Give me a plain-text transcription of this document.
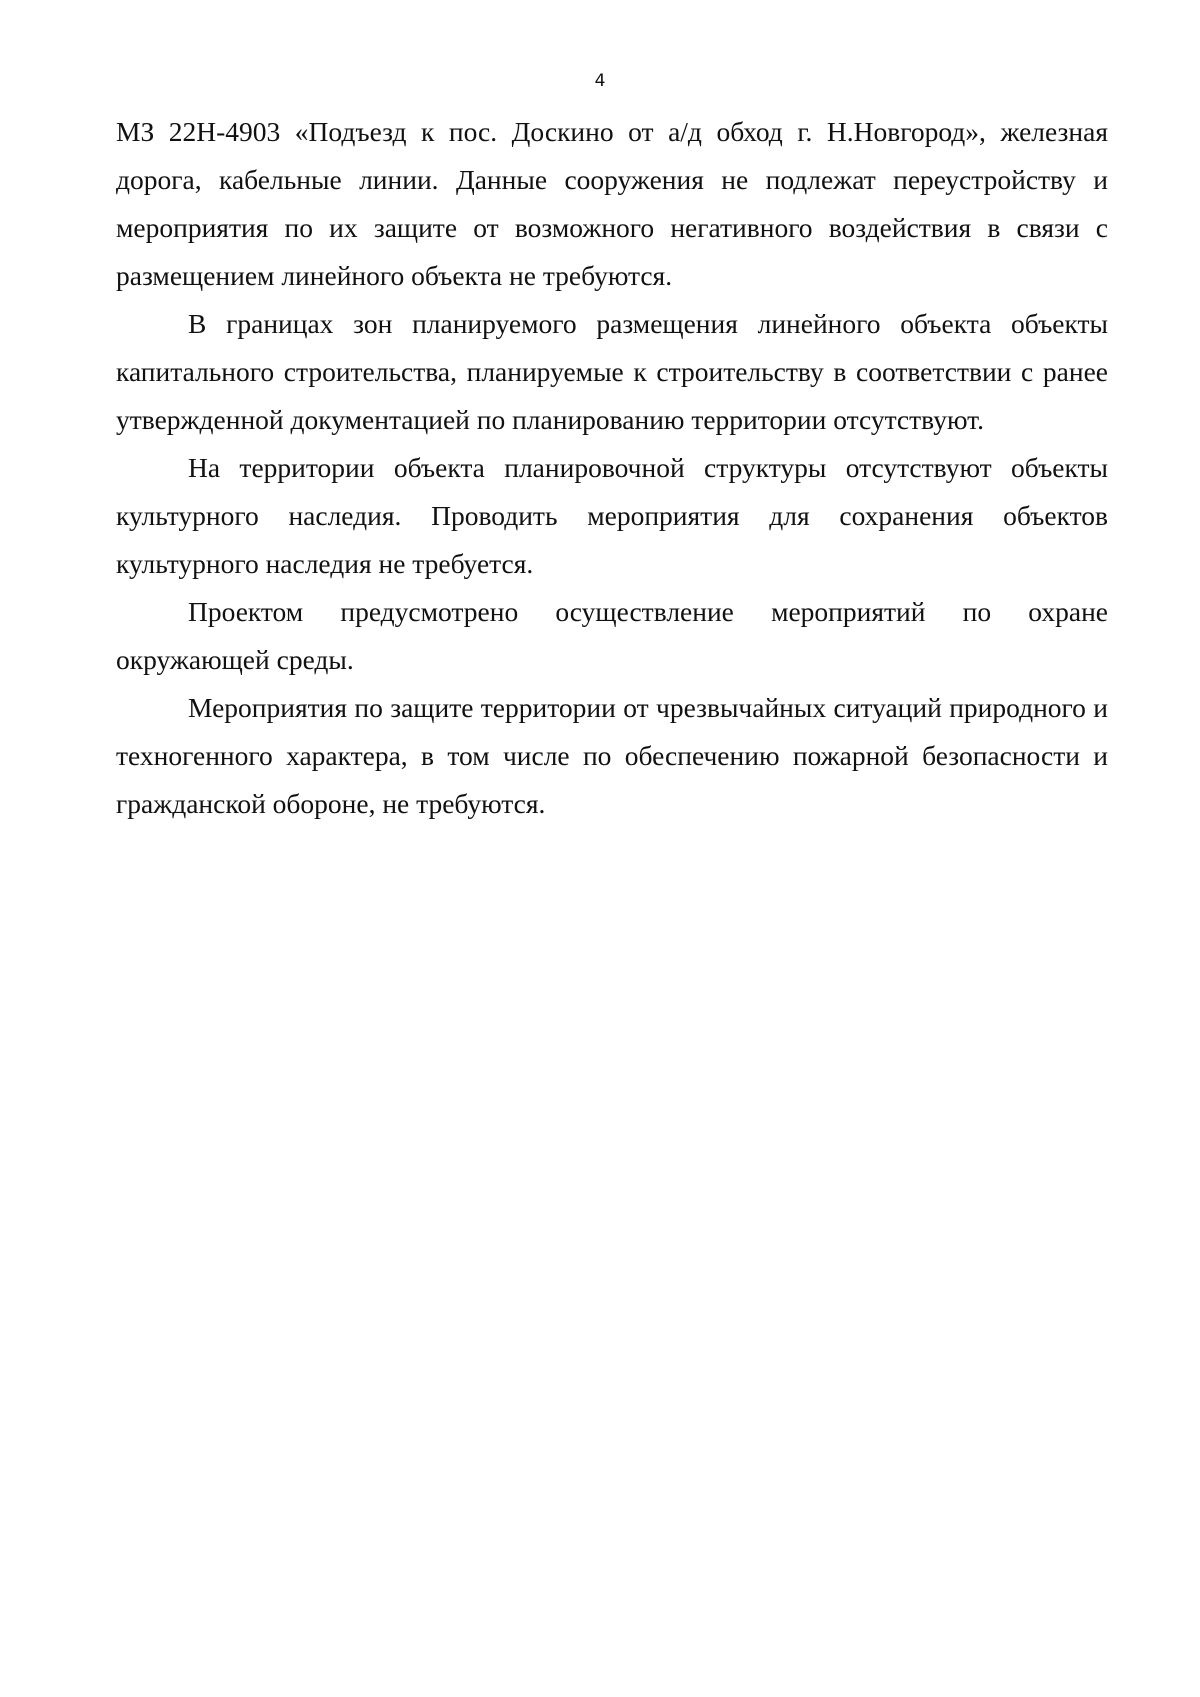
4

МЗ 22Н-4903 «Подъезд к пос. Доскино от а/д обход г. Н.Новгород», железная дорога, кабельные линии. Данные сооружения не подлежат переустройству и мероприятия по их защите от возможного негативного воздействия в связи с размещением линейного объекта не требуются.

В границах зон планируемого размещения линейного объекта объекты капитального строительства, планируемые к строительству в соответствии с ранее утвержденной документацией по планированию территории отсутствуют.

На территории объекта планировочной структуры отсутствуют объекты культурного наследия. Проводить мероприятия для сохранения объектов культурного наследия не требуется.

Проектом предусмотрено осуществление мероприятий по охране окружающей среды.

Мероприятия по защите территории от чрезвычайных ситуаций природного и техногенного характера, в том числе по обеспечению пожарной безопасности и гражданской обороне, не требуются.
